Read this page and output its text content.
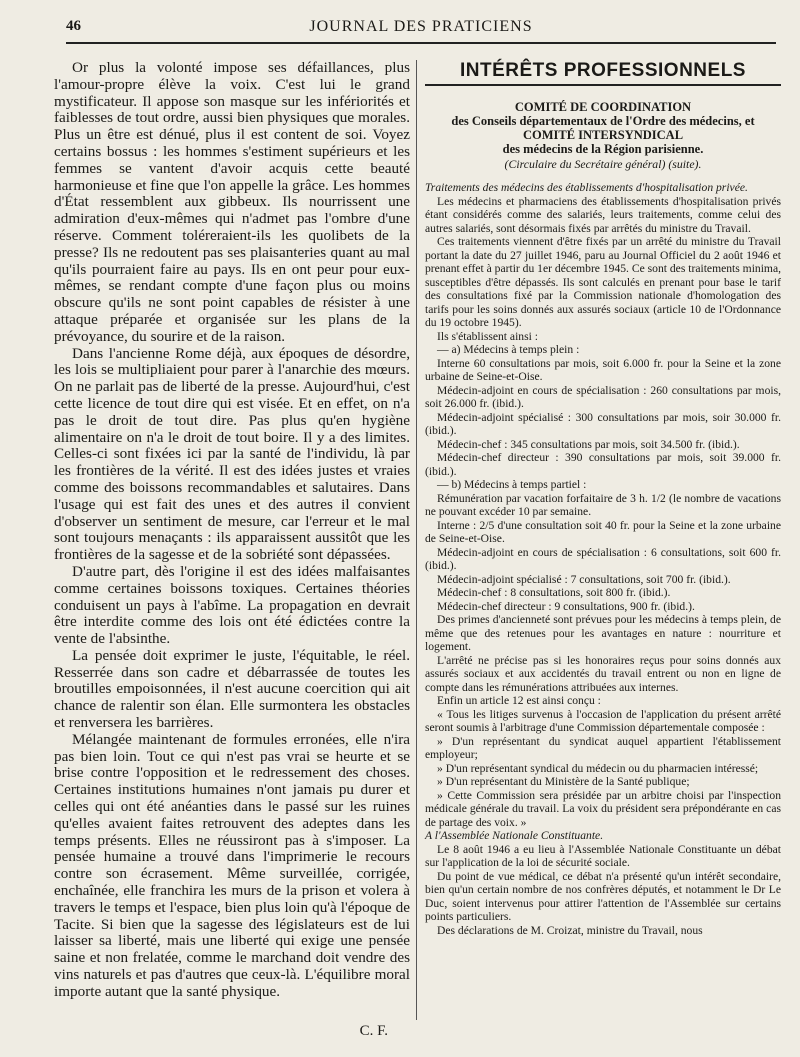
46	JOURNAL DES PRATICIENS

Or plus la volonté impose ses défaillances, plus l'amour-propre élève la voix. C'est lui le grand mystificateur. Il appose son masque sur les infériorités et faiblesses de tout ordre, aussi bien physiques que morales. Plus un être est dénué, plus il est content de soi. Voyez certains bossus : les hommes s'estiment supérieurs et les femmes se vantent d'avoir acquis cette beauté harmonieuse et fine que l'on appelle la grâce. Les hommes d'État ressemblent aux gibbeux. Ils nourrissent une admiration d'eux-mêmes qui n'admet pas l'ombre d'une réserve. Comment toléreraient-ils les quolibets de la presse? Ils ne redoutent pas ses plaisanteries quant au mal qu'ils pourraient faire au pays. Ils en ont peur pour eux-mêmes, se rendant compte d'une façon plus ou moins obscure qu'ils ne sont point capables de résister à une attaque préparée et organisée sur les plans de la prévoyance, du sourire et de la raison.

Dans l'ancienne Rome déjà, aux époques de désordre, les lois se multipliaient pour parer à l'anarchie des mœurs. On ne parlait pas de liberté de la presse. Aujourd'hui, c'est cette licence de tout dire qui est visée. Et en effet, on n'a pas le droit de tout dire. Pas plus qu'en hygiène alimentaire on n'a le droit de tout boire. Il y a des limites. Celles-ci sont fixées ici par la santé de l'individu, là par les frontières de la vérité. Il est des idées justes et vraies comme des boissons recommandables et salutaires. Dans l'usage qui est fait des unes et des autres il convient d'observer un sentiment de mesure, car l'erreur et le mal sont toujours menaçants : ils apparaissent aussitôt que les frontières de la sagesse et de la sobriété sont dépassées.

D'autre part, dès l'origine il est des idées malfaisantes comme certaines boissons toxiques. Certaines théories conduisent un pays à l'abîme. La propagation en devrait être interdite comme des lois ont été édictées contre la vente de l'absinthe.

La pensée doit exprimer le juste, l'équitable, le réel. Resserrée dans son cadre et débarrassée de toutes les broutilles empoisonnées, il n'est aucune coercition qui ait chance de ralentir son élan. Elle surmontera les obstacles et renversera les barrières.

Mélangée maintenant de formules erronées, elle n'ira pas bien loin. Tout ce qui n'est pas vrai se heurte et se brise contre l'opposition et le redressement des choses. Certaines institutions humaines n'ont jamais pu durer et celles qui ont été anéanties dans le passé sur les ruines qu'elles avaient faites retrouvent des adeptes dans les temps présents. Elles ne réussiront pas à s'imposer. La pensée humaine a trouvé dans l'imprimerie le recours contre son écrasement. Même surveillée, corrigée, enchaînée, elle franchira les murs de la prison et volera à travers le temps et l'espace, bien plus loin qu'à l'époque de Tacite. Si bien que la sagesse des législateurs est de lui laisser sa liberté, mais une liberté qui exige une pensée saine et non frelatée, comme le marchand doit vendre des vins naturels et pas d'autres que ceux-là. L'équilibre moral importe autant que la santé physique.

C. F.
INTÉRÊTS PROFESSIONNELS
COMITÉ DE COORDINATION
des Conseils départementaux de l'Ordre des médecins, et
COMITÉ INTERSYNDICAL
des médecins de la Région parisienne.
(Circulaire du Secrétaire général) (suite).

Traitements des médecins des établissements d'hospitalisation privée.

Les médecins et pharmaciens des établissements d'hospitalisation privés étant considérés comme des salariés, leurs traitements, comme celui des autres salariés, sont désormais fixés par arrêtés du ministre du Travail.

Ces traitements viennent d'être fixés par un arrêté du ministre du Travail portant la date du 27 juillet 1946, paru au Journal Officiel du 2 août 1946 et prenant effet à partir du 1er décembre 1945. Ce sont des traitements minima, susceptibles d'être dépassés. Ils sont calculés en prenant pour base le tarif des consultations fixé par la Commission nationale d'homologation des tarifs pour les soins donnés aux assurés sociaux (article 10 de l'Ordonnance du 19 octobre 1945).

Ils s'établissent ainsi :

— a) Médecins à temps plein :

Interne 60 consultations par mois, soit 6.000 fr. pour la Seine et la zone urbaine de Seine-et-Oise.

Médecin-adjoint en cours de spécialisation : 260 consultations par mois, soit 26.000 fr. (ibid.).

Médecin-adjoint spécialisé : 300 consultations par mois, soir 30.000 fr. (ibid.).

Médecin-chef : 345 consultations par mois, soit 34.500 fr. (ibid.).

Médecin-chef directeur : 390 consultations par mois, soit 39.000 fr. (ibid.).

— b) Médecins à temps partiel :

Rémunération par vacation forfaitaire de 3 h. 1/2 (le nombre de vacations ne pouvant excéder 10 par semaine.

Interne : 2/5 d'une consultation soit 40 fr. pour la Seine et la zone urbaine de Seine-et-Oise.

Médecin-adjoint en cours de spécialisation : 6 consultations, soit 600 fr. (ibid.).

Médecin-adjoint spécialisé : 7 consultations, soit 700 fr. (ibid.).

Médecin-chef : 8 consultations, soit 800 fr. (ibid.).

Médecin-chef directeur : 9 consultations, 900 fr. (ibid.).

Des primes d'ancienneté sont prévues pour les médecins à temps plein, de même que des retenues pour les avantages en nature : nourriture et logement.

L'arrêté ne précise pas si les honoraires reçus pour soins donnés aux assurés sociaux et aux accidentés du travail entrent ou non en ligne de compte dans les rémunérations attribuées aux internes.

Enfin un article 12 est ainsi conçu :

« Tous les litiges survenus à l'occasion de l'application du présent arrêté seront soumis à l'arbitrage d'une Commission départementale composée :

» D'un représentant du syndicat auquel appartient l'établissement employeur;

» D'un représentant syndical du médecin ou du pharmacien intéressé;

» D'un représentant du Ministère de la Santé publique;

» Cette Commission sera présidée par un arbitre choisi par l'inspection médicale générale du travail. La voix du président sera prépondérante en cas de partage des voix. »

A l'Assemblée Nationale Constituante.

Le 8 août 1946 a eu lieu à l'Assemblée Nationale Constituante un débat sur l'application de la loi de sécurité sociale.

Du point de vue médical, ce débat n'a présenté qu'un intérêt secondaire, bien qu'un certain nombre de nos confrères députés, et notamment le Dr Le Duc, soient intervenus pour attirer l'attention de l'Assemblée sur certains points particuliers.

Des déclarations de M. Croizat, ministre du Travail, nous
